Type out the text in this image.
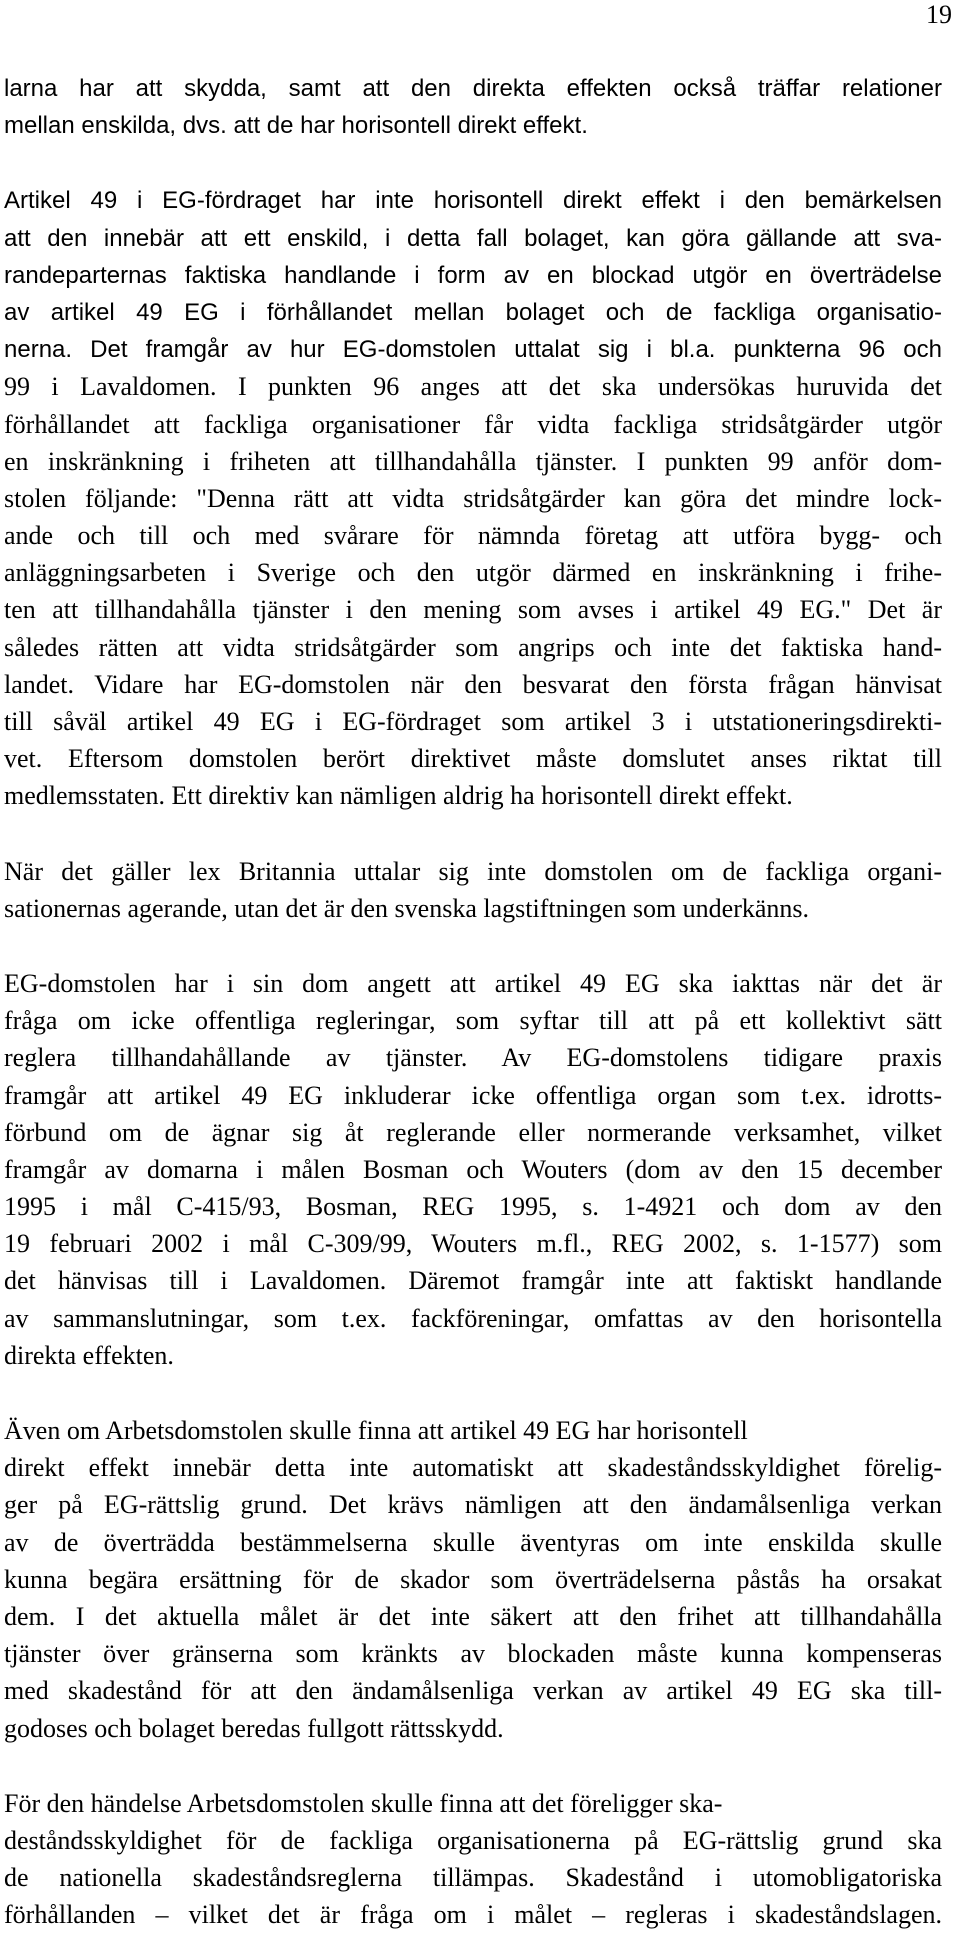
19
larna har att skydda, samt att den direkta effekten också träffar relationer
mellan enskilda, dvs. att de har horisontell direkt effekt.
Artikel 49 i EG-fördraget har inte horisontell direkt effekt i den bemärkelsen
att den innebär att ett enskild, i detta fall bolaget, kan göra gällande att sva-
randeparternas faktiska handlande i form av en blockad utgör en överträdelse
av artikel 49 EG i förhållandet mellan bolaget och de fackliga organisatio-
nerna. Det framgår av hur EG-domstolen uttalat sig i bl.a. punkterna 96 och
99 i Lavaldomen. I punkten 96 anges att det ska undersökas huruvida det
förhållandet att fackliga organisationer får vidta fackliga stridsåtgärder utgör
en inskränkning i friheten att tillhandahålla tjänster. I punkten 99 anför dom-
stolen följande: "Denna rätt att vidta stridsåtgärder kan göra det mindre lock-
ande och till och med svårare för nämnda företag att utföra bygg- och
anläggningsarbeten i Sverige och den utgör därmed en inskränkning i frihe-
ten att tillhandahålla tjänster i den mening som avses i artikel 49 EG." Det är
således rätten att vidta stridsåtgärder som angrips och inte det faktiska hand-
landet. Vidare har EG-domstolen när den besvarat den första frågan hänvisat
till såväl artikel 49 EG i EG-fördraget som artikel 3 i utstationeringsdirekti-
vet. Eftersom domstolen berört direktivet måste domslutet anses riktat till
medlemsstaten. Ett direktiv kan nämligen aldrig ha horisontell direkt effekt.
När det gäller lex Britannia uttalar sig inte domstolen om de fackliga organi-
sationernas agerande, utan det är den svenska lagstiftningen som underkänns.
EG-domstolen har i sin dom angett att artikel 49 EG ska iakttas när det är
fråga om icke offentliga regleringar, som syftar till att på ett kollektivt sätt
reglera tillhandahållande av tjänster. Av EG-domstolens tidigare praxis
framgår att artikel 49 EG inkluderar icke offentliga organ som t.ex. idrotts-
förbund om de ägnar sig åt reglerande eller normerande verksamhet, vilket
framgår av domarna i målen Bosman och Wouters (dom av den 15 december
1995 i mål C-415/93, Bosman, REG 1995, s. 1-4921 och dom av den
19 februari 2002 i mål C-309/99, Wouters m.fl., REG 2002, s. 1-1577) som
det hänvisas till i Lavaldomen. Däremot framgår inte att faktiskt handlande
av sammanslutningar, som t.ex. fackföreningar, omfattas av den horisontella
direkta effekten.
Även om Arbetsdomstolen skulle finna att artikel 49 EG har horisontell
direkt effekt innebär detta inte automatiskt att skadeståndsskyldighet förelig-
ger på EG-rättslig grund. Det krävs nämligen att den ändamålsenliga verkan
av de överträdda bestämmelserna skulle äventyras om inte enskilda skulle
kunna begära ersättning för de skador som överträdelserna påstås ha orsakat
dem. I det aktuella målet är det inte säkert att den frihet att tillhandahålla
tjänster över gränserna som kränkts av blockaden måste kunna kompenseras
med skadestånd för att den ändamålsenliga verkan av artikel 49 EG ska till-
godoses och bolaget beredas fullgott rättsskydd.
För den händelse Arbetsdomstolen skulle finna att det föreligger ska-
deståndsskyldighet för de fackliga organisationerna på EG-rättslig grund ska
de nationella skadeståndsreglerna tillämpas. Skadestånd i utomobligatoriska
förhållanden – vilket det är fråga om i målet – regleras i skadeståndslagen.
